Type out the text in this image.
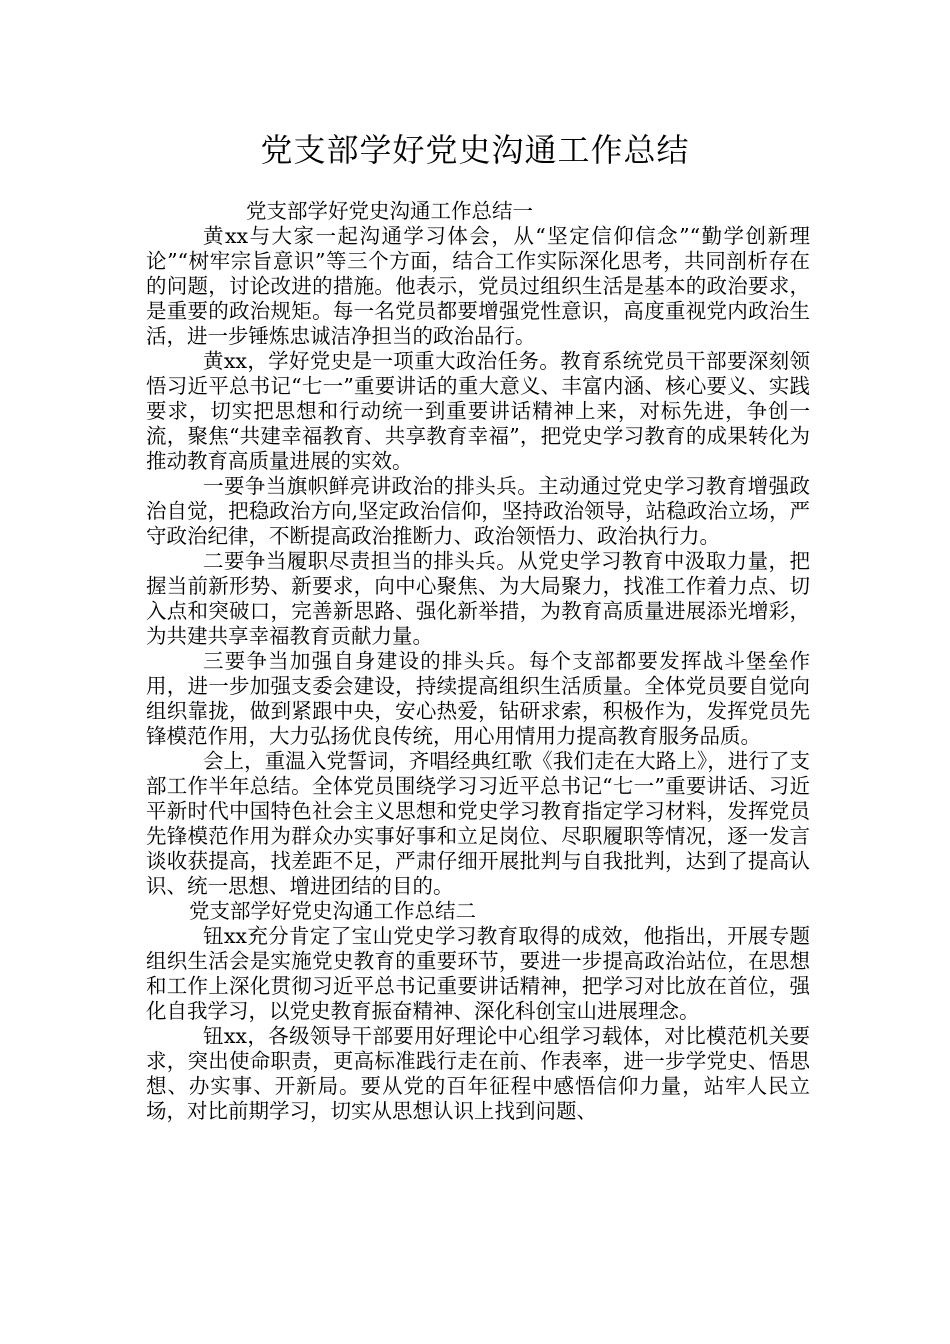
党支部学好党史沟通工作总结

党支部学好党史沟通工作总结一

黄xx与大家一起沟通学习体会，从“坚定信仰信念”“勤学创新理论”“树牢宗旨意识”等三个方面，结合工作实际深化思考，共同剖析存在的问题，讨论改进的措施。他表示，党员过组织生活是基本的政治要求，是重要的政治规矩。每一名党员都要增强党性意识，高度重视党内政治生活，进一步锤炼忠诚洁净担当的政治品行。

黄xx，学好党史是一项重大政治任务。教育系统党员干部要深刻领悟习近平总书记“七一”重要讲话的重大意义、丰富内涵、核心要义、实践要求，切实把思想和行动统一到重要讲话精神上来，对标先进，争创一流，聚焦“共建幸福教育、共享教育幸福”，把党史学习教育的成果转化为推动教育高质量进展的实效。

一要争当旗帜鲜亮讲政治的排头兵。主动通过党史学习教育增强政治自觉，把稳政治方向,坚定政治信仰，坚持政治领导，站稳政治立场，严守政治纪律，不断提高政治推断力、政治领悟力、政治执行力。

二要争当履职尽责担当的排头兵。从党史学习教育中汲取力量，把握当前新形势、新要求，向中心聚焦、为大局聚力，找准工作着力点、切入点和突破口，完善新思路、强化新举措，为教育高质量进展添光增彩，为共建共享幸福教育贡献力量。

三要争当加强自身建设的排头兵。每个支部都要发挥战斗堡垒作用，进一步加强支委会建设，持续提高组织生活质量。全体党员要自觉向组织靠拢，做到紧跟中央，安心热爱，钻研求索，积极作为，发挥党员先锋模范作用，大力弘扬优良传统，用心用情用力提高教育服务品质。

会上，重温入党誓词，齐唱经典红歌《我们走在大路上》，进行了支部工作半年总结。全体党员围绕学习习近平总书记“七一”重要讲话、习近平新时代中国特色社会主义思想和党史学习教育指定学习材料，发挥党员先锋模范作用为群众办实事好事和立足岗位、尽职履职等情况，逐一发言谈收获提高，找差距不足，严肃仔细开展批判与自我批判，达到了提高认识、统一思想、增进团结的目的。

党支部学好党史沟通工作总结二

钮xx充分肯定了宝山党史学习教育取得的成效，他指出，开展专题组织生活会是实施党史教育的重要环节，要进一步提高政治站位，在思想和工作上深化贯彻习近平总书记重要讲话精神，把学习对比放在首位，强化自我学习，以党史教育振奋精神、深化科创宝山进展理念。

钮xx，各级领导干部要用好理论中心组学习载体，对比模范机关要求，突出使命职责，更高标准践行走在前、作表率，进一步学党史、悟思想、办实事、开新局。要从党的百年征程中感悟信仰力量，站牢人民立场，对比前期学习，切实从思想认识上找到问题、
